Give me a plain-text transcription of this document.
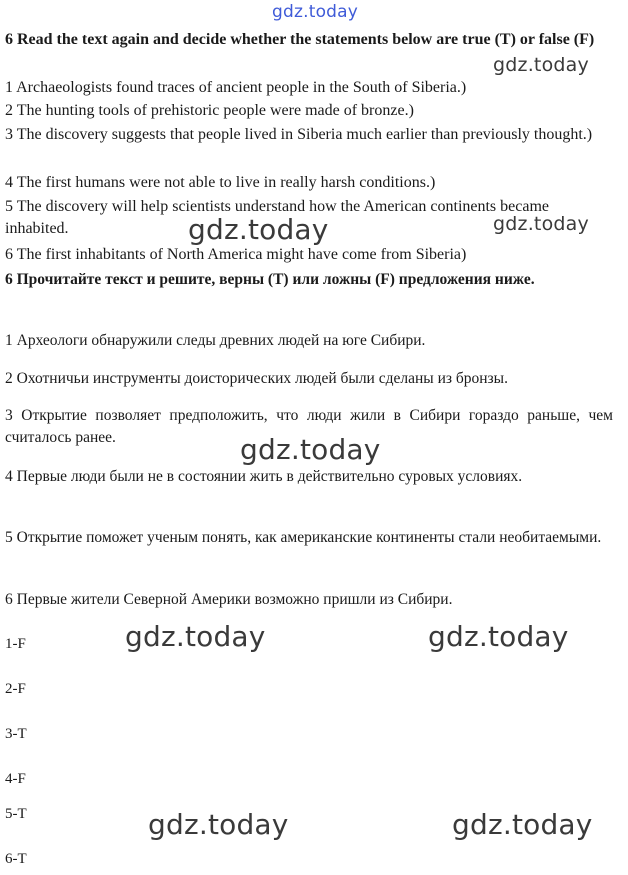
gdz.today
gdz.today
gdz.today
gdz.today
gdz.today
gdz.today	gdz.today
gdz.today	gdz.today
6 Read the text again and decide whether the statements below are true (T) or false (F)
1 Archaeologists found traces of ancient people in the South of Siberia.)
2 The hunting tools of prehistoric people were made of bronze.)
3 The discovery suggests that people lived in Siberia much earlier than previously thought.)
4 The first humans were not able to live in really harsh conditions.)
5 The discovery will help scientists understand how the American continents became inhabited.
6 The first inhabitants of North America might have come from Siberia)
6 Прочитайте текст и решите, верны (T) или ложны (F) предложения ниже.
1 Археологи обнаружили следы древних людей на юге Сибири.
2 Охотничьи инструменты доисторических людей были сделаны из бронзы.
3 Открытие позволяет предположить, что люди жили в Сибири гораздо раньше, чем считалось ранее.
4 Первые люди были не в состоянии жить в действительно суровых условиях.
5 Открытие поможет ученым понять, как американские континенты стали необитаемыми.
6 Первые жители Северной Америки возможно пришли из Сибири.
1-F
2-F
3-T
4-F
5-T
6-T
